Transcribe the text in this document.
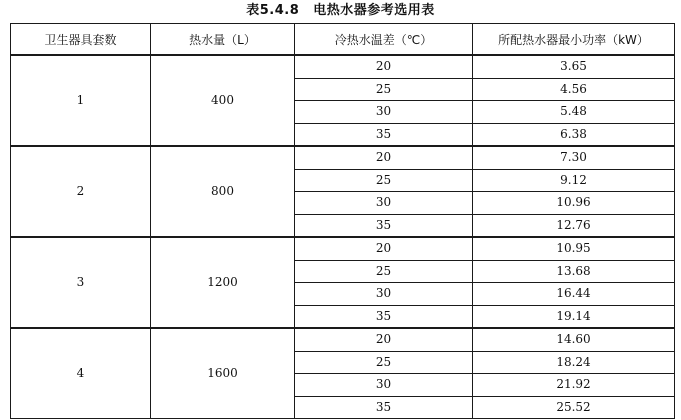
表5.4.8 电热水器参考选用表
卫生器具套数	热水量（L）	冷热水温差（℃）	所配热水器最小功率（kW）
1	400	20	3.65
		25	4.56
		30	5.48
		35	6.38
2	800	20	7.30
		25	9.12
		30	10.96
		35	12.76
3	1200	20	10.95
		25	13.68
		30	16.44
		35	19.14
4	1600	20	14.60
		25	18.24
		30	21.92
		35	25.52
